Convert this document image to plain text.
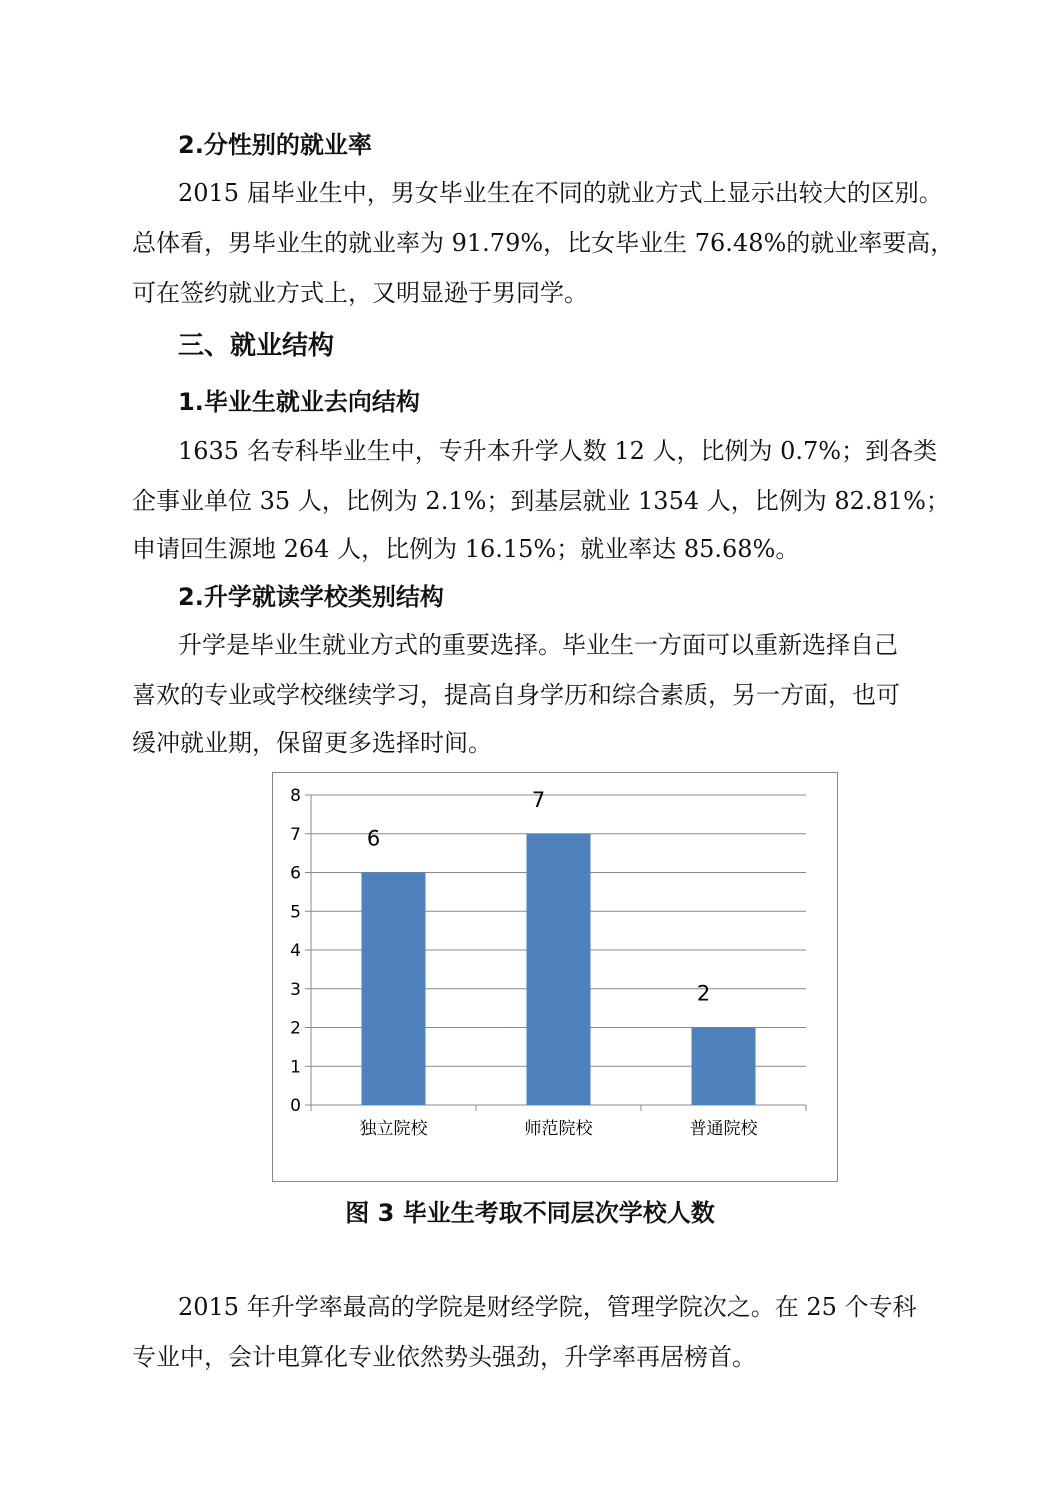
2.分性别的就业率
2015 届毕业生中，男女毕业生在不同的就业方式上显示出较大的区别。
总体看，男毕业生的就业率为 91.79%，比女毕业生 76.48%的就业率要高，
可在签约就业方式上，又明显逊于男同学。
三、就业结构
1.毕业生就业去向结构
1635 名专科毕业生中，专升本升学人数 12 人，比例为 0.7%；到各类
企事业单位 35 人，比例为 2.1%；到基层就业 1354 人，比例为 82.81%；
申请回生源地 264 人，比例为 16.15%；就业率达 85.68%。
2.升学就读学校类别结构
升学是毕业生就业方式的重要选择。毕业生一方面可以重新选择自己
喜欢的专业或学校继续学习，提高自身学历和综合素质，另一方面，也可
缓冲就业期，保留更多选择时间。
0
1
2
3
4
5
6
7
8
6
独立院校
7
师范院校
2
普通院校
图 3 毕业生考取不同层次学校人数
2015 年升学率最高的学院是财经学院，管理学院次之。在 25 个专科
专业中，会计电算化专业依然势头强劲，升学率再居榜首。
